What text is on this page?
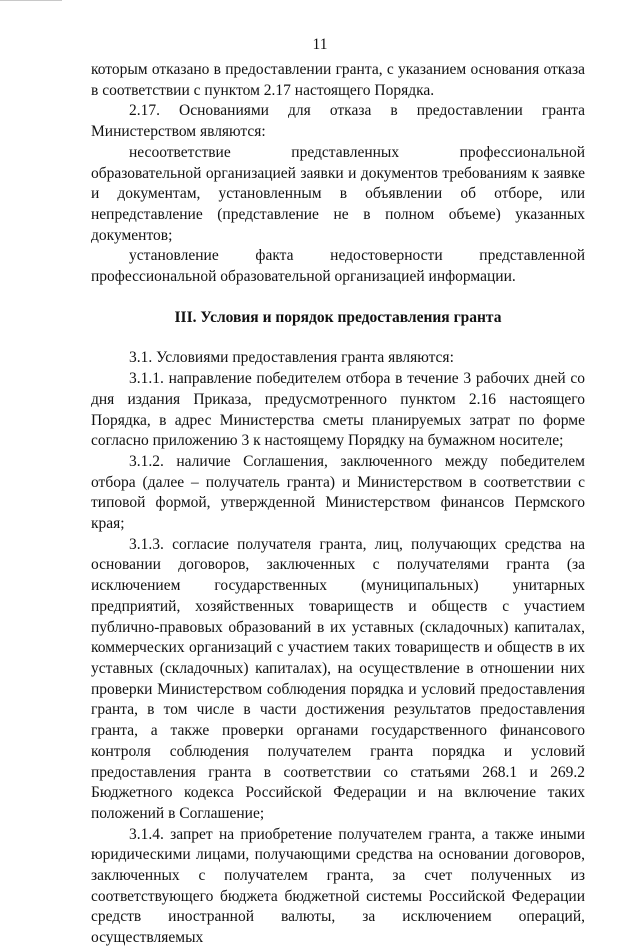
11

которым отказано в предоставлении гранта, с указанием основания отказа в соответствии с пунктом 2.17 настоящего Порядка.

2.17. Основаниями для отказа в предоставлении гранта Министерством являются:

несоответствие представленных профессиональной образовательной организацией заявки и документов требованиям к заявке и документам, установленным в объявлении об отборе, или непредставление (представление не в полном объеме) указанных документов;

установление факта недостоверности представленной профессиональной образовательной организацией информации.

III. Условия и порядок предоставления гранта

3.1. Условиями предоставления гранта являются:

3.1.1. направление победителем отбора в течение 3 рабочих дней со дня издания Приказа, предусмотренного пунктом 2.16 настоящего Порядка, в адрес Министерства сметы планируемых затрат по форме согласно приложению 3 к настоящему Порядку на бумажном носителе;

3.1.2. наличие Соглашения, заключенного между победителем отбора (далее – получатель гранта) и Министерством в соответствии с типовой формой, утвержденной Министерством финансов Пермского края;

3.1.3. согласие получателя гранта, лиц, получающих средства на основании договоров, заключенных с получателями гранта (за исключением государственных (муниципальных) унитарных предприятий, хозяйственных товариществ и обществ с участием публично-правовых образований в их уставных (складочных) капиталах, коммерческих организаций с участием таких товариществ и обществ в их уставных (складочных) капиталах), на осуществление в отношении них проверки Министерством соблюдения порядка и условий предоставления гранта, в том числе в части достижения результатов предоставления гранта, а также проверки органами государственного финансового контроля соблюдения получателем гранта порядка и условий предоставления гранта в соответствии со статьями 268.1 и 269.2 Бюджетного кодекса Российской Федерации и на включение таких положений в Соглашение;

3.1.4. запрет на приобретение получателем гранта, а также иными юридическими лицами, получающими средства на основании договоров, заключенных с получателем гранта, за счет полученных из соответствующего бюджета бюджетной системы Российской Федерации средств иностранной валюты, за исключением операций, осуществляемых
